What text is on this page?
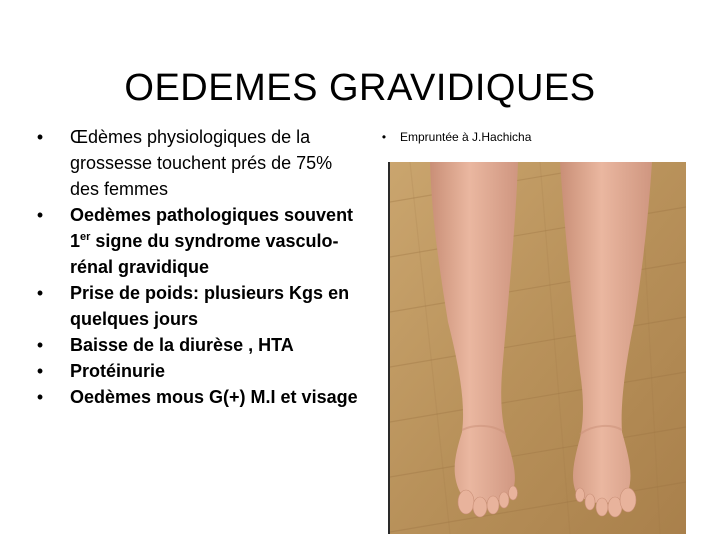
OEDEMES GRAVIDIQUES
•	Œdèmes physiologiques de la grossesse touchent prés de 75% des femmes
•	Oedèmes pathologiques souvent 1er signe du syndrome vasculo-rénal gravidique
•	Prise de poids: plusieurs Kgs en quelques jours
•	Baisse de la diurèse , HTA
•	Protéinurie
•	Oedèmes mous G(+) M.I et visage
• Empruntée à J.Hachicha
